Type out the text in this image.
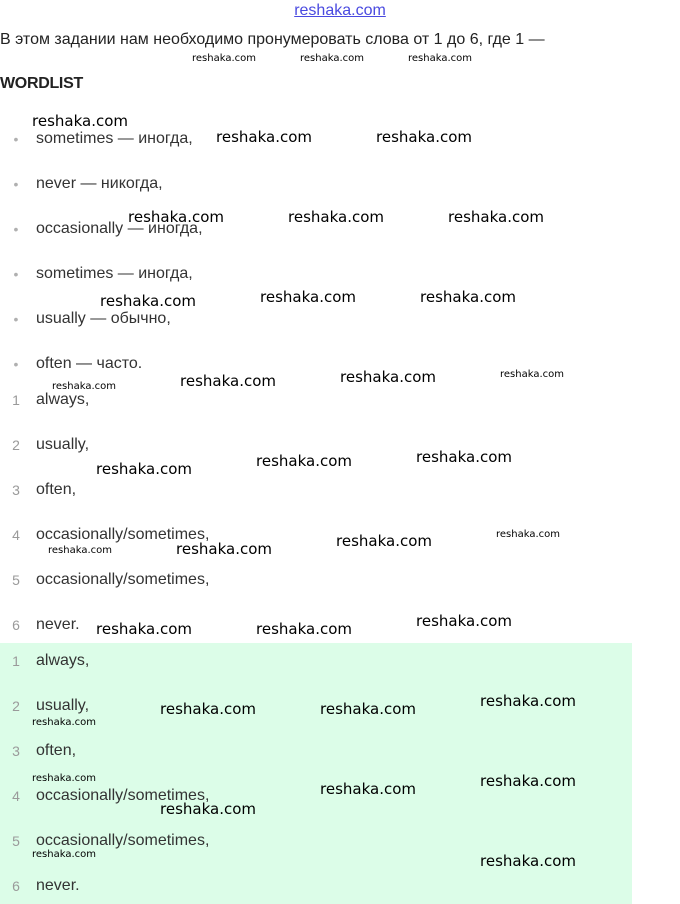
reshaka.com
В этом задании нам необходимо пронумеровать слова от 1 до 6, где 1 —
WORDLIST
•	sometimes — иногда,
•	never — никогда,
•	occasionally — иногда,
•	sometimes — иногда,
•	usually — обычно,
•	often — часто.
1	always,
2	usually,
3	often,
4	occasionally/sometimes,
5	occasionally/sometimes,
6	never.
1	always,
2	usually,
3	often,
4	occasionally/sometimes,
5	occasionally/sometimes,
6	never.
reshaka.com	reshaka.com	reshaka.com
reshaka.com
reshaka.com	reshaka.com
reshaka.com	reshaka.com	reshaka.com
reshaka.com	reshaka.com	reshaka.com
reshaka.com	reshaka.com	reshaka.com	reshaka.com
reshaka.com	reshaka.com	reshaka.com
reshaka.com	reshaka.com	reshaka.com	reshaka.com
reshaka.com	reshaka.com	reshaka.com
reshaka.com
reshaka.com	reshaka.com	reshaka.com
reshaka.com
reshaka.com
reshaka.com	reshaka.com
reshaka.com	reshaka.com
